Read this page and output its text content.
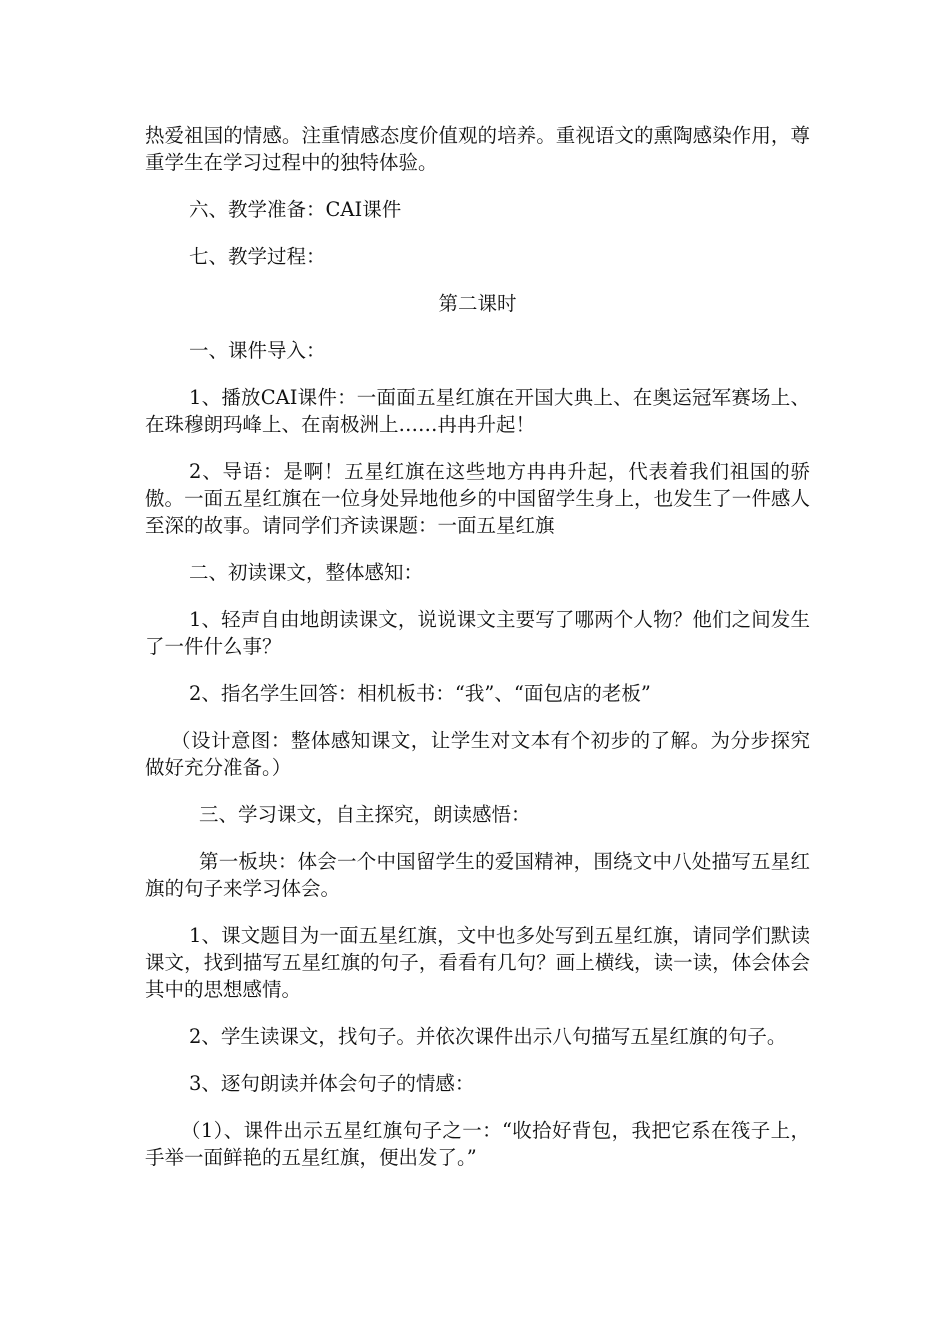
热爱祖国的情感。注重情感态度价值观的培养。重视语文的熏陶感染作用，尊重学生在学习过程中的独特体验。

六、教学准备：CAI课件

七、教学过程：

第二课时

一、课件导入：

1、播放CAI课件：一面面五星红旗在开国大典上、在奥运冠军赛场上、在珠穆朗玛峰上、在南极洲上……冉冉升起！

2、导语：是啊！五星红旗在这些地方冉冉升起，代表着我们祖国的骄傲。一面五星红旗在一位身处异地他乡的中国留学生身上，也发生了一件感人至深的故事。请同学们齐读课题：一面五星红旗

二、初读课文，整体感知：

1、轻声自由地朗读课文，说说课文主要写了哪两个人物？他们之间发生了一件什么事？

2、指名学生回答：相机板书：“我”、“面包店的老板”

（设计意图：整体感知课文，让学生对文本有个初步的了解。为分步探究做好充分准备。）

三、学习课文，自主探究，朗读感悟：

第一板块：体会一个中国留学生的爱国精神，围绕文中八处描写五星红旗的句子来学习体会。

1、课文题目为一面五星红旗，文中也多处写到五星红旗，请同学们默读课文，找到描写五星红旗的句子，看看有几句？画上横线，读一读，体会体会其中的思想感情。

2、学生读课文，找句子。并依次课件出示八句描写五星红旗的句子。

3、逐句朗读并体会句子的情感：

（1）、课件出示五星红旗句子之一：“收拾好背包，我把它系在筏子上，手举一面鲜艳的五星红旗，便出发了。”
